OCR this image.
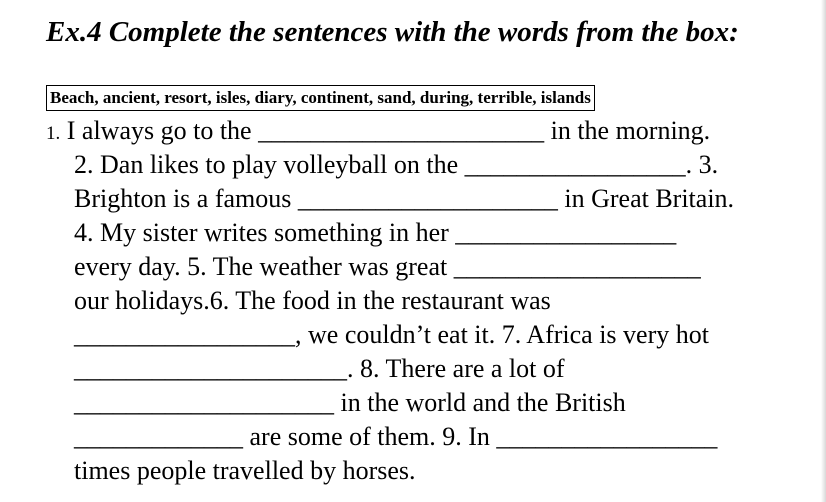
Ex.4 Complete the sentences with the words from the box:
Beach, ancient, resort, isles, diary, continent, sand, during, terrible, islands
1. I always go to the ______________________ in the morning.
2. Dan likes to play volleyball on the _________________. 3.
Brighton is a famous ____________________ in Great Britain.
4. My sister writes something in her _________________
every day. 5. The weather was great ___________________
our holidays.6. The food in the restaurant was
_________________, we couldn’t eat it. 7. Africa is very hot
_____________________. 8. There are a lot of
____________________ in the world and the British
_____________ are some of them. 9. In _________________
times people travelled by horses.
